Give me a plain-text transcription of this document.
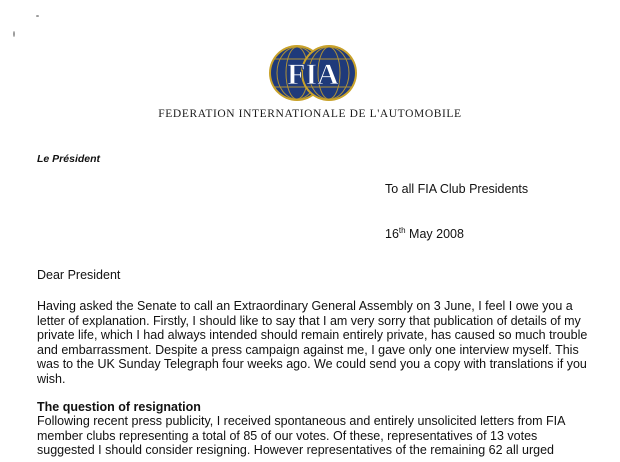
FIA
FEDERATION INTERNATIONALE DE L'AUTOMOBILE
Le Président
To all FIA Club Presidents
16th May 2008
Dear President

Having asked the Senate to call an Extraordinary General Assembly on 3 June, I feel I owe you a letter of explanation. Firstly, I should like to say that I am very sorry that publication of details of my private life, which I had always intended should remain entirely private, has caused so much trouble and embarrassment. Despite a press campaign against me, I gave only one interview myself. This was to the UK Sunday Telegraph four weeks ago. We could send you a copy with translations if you wish.

The question of resignation

Following recent press publicity, I received spontaneous and entirely unsolicited letters from FIA member clubs representing a total of 85 of our votes. Of these, representatives of 13 votes suggested I should consider resigning. However representatives of the remaining 62 all urged
